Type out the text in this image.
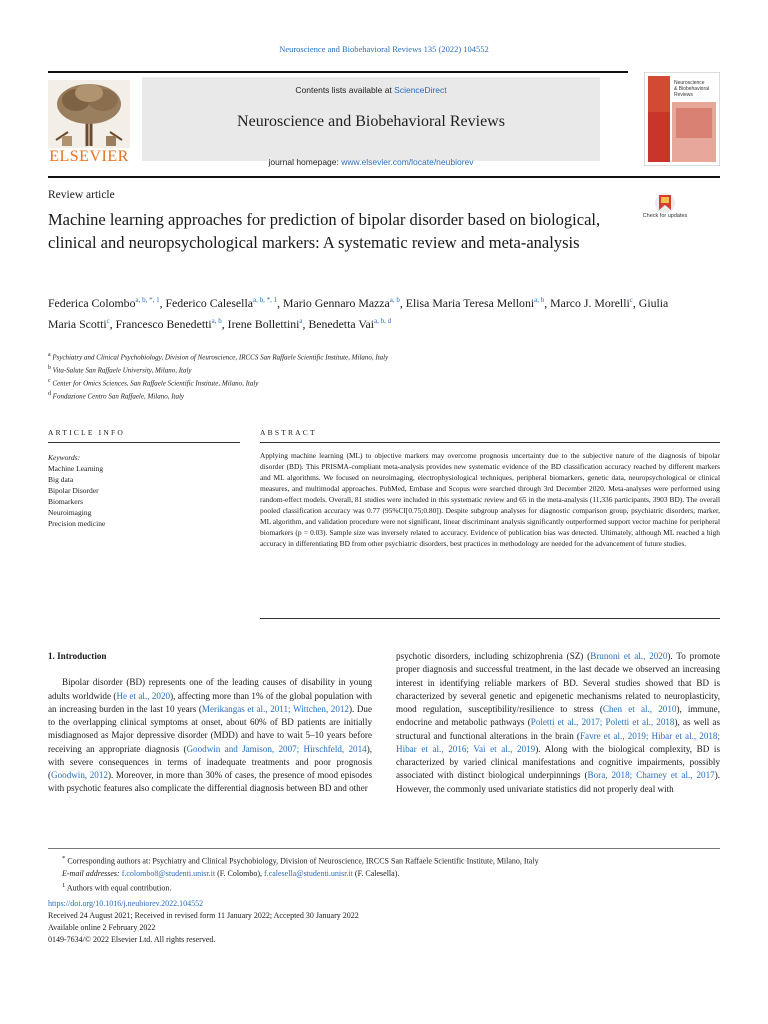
Neuroscience and Biobehavioral Reviews 135 (2022) 104552
ELSEVIER
Contents lists available at ScienceDirect
Neuroscience and Biobehavioral Reviews
journal homepage: www.elsevier.com/locate/neubiorev
Neuroscience
& Biobehavioral
Reviews
Review article
Machine learning approaches for prediction of bipolar disorder based on biological, clinical and neuropsychological markers: A systematic review and meta-analysis
Check for updates
Federica Colombo$^{a, b, *, 1}$, Federico Calesella$^{a, b, *, 1}$, Mario Gennaro Mazza$^{a, b}$, Elisa Maria Teresa Melloni$^{a, b}$, Marco J. Morelli$^c$, Giulia Maria Scotti$^c$, Francesco Benedetti$^{a, b}$, Irene Bollettini$^a$, Benedetta Vai$^{a, b, d}$
$^a$ Psychiatry and Clinical Psychobiology, Division of Neuroscience, IRCCS San Raffaele Scientific Institute, Milano, Italy
$^b$ Vita-Salute San Raffaele University, Milano, Italy
$^c$ Center for Omics Sciences, San Raffaele Scientific Institute, Milano, Italy
$^d$ Fondazione Centro San Raffaele, Milano, Italy
ARTICLE INFO
Keywords:
Machine Learning
Big data
Bipolar Disorder
Biomarkers
Neuroimaging
Precision medicine
ABSTRACT
Applying machine learning (ML) to objective markers may overcome prognosis uncertainty due to the subjective nature of the diagnosis of bipolar disorder (BD). This PRISMA-compliant meta-analysis provides new systematic evidence of the BD classification accuracy reached by different markers and ML algorithms. We focused on neuroimaging, electrophysiological techniques, peripheral biomarkers, genetic data, neuropsychological or clinical measures, and multimodal approaches. PubMed, Embase and Scopus were searched through 3rd December 2020. Meta-analyses were performed using random-effect models. Overall, 81 studies were included in this systematic review and 65 in the meta-analysis (11,336 participants, 3903 BD). The overall pooled classification accuracy was 0.77 (95%CI[0.75;0.80]). Despite subgroup analyses for diagnostic comparison group, psychiatric disorders, marker, ML algorithm, and validation procedure were not significant, linear discriminant analysis significantly outperformed support vector machine for peripheral biomarkers (p = 0.03). Sample size was inversely related to accuracy. Evidence of publication bias was detected. Ultimately, although ML reached a high accuracy in differentiating BD from other psychiatric disorders, best practices in methodology are needed for the advancement of future studies.
1. Introduction

Bipolar disorder (BD) represents one of the leading causes of disability in young adults worldwide (He et al., 2020), affecting more than 1% of the global population with an increasing burden in the last 10 years (Merikangas et al., 2011; Wittchen, 2012). Due to the overlapping clinical symptoms at onset, about 60% of BD patients are initially misdiagnosed as Major depressive disorder (MDD) and have to wait 5–10 years before receiving an appropriate diagnosis (Goodwin and Jamison, 2007; Hirschfeld, 2014), with severe consequences in terms of inadequate treatments and poor prognosis (Goodwin, 2012). Moreover, in more than 30% of cases, the presence of mood episodes with psychotic features also complicate the differential diagnosis between BD and other

psychotic disorders, including schizophrenia (SZ) (Brunoni et al., 2020). To promote proper diagnosis and successful treatment, in the last decade we observed an increasing interest in identifying reliable markers of BD. Several studies showed that BD is characterized by several genetic and epigenetic mechanisms related to neuroplasticity, mood regulation, susceptibility/resilience to stress (Chen et al., 2010), immune, endocrine and metabolic pathways (Poletti et al., 2017; Poletti et al., 2018), as well as structural and functional alterations in the brain (Favre et al., 2019; Hibar et al., 2018; Hibar et al., 2016; Vai et al., 2019). Along with the biological complexity, BD is characterized by varied clinical manifestations and cognitive impairments, possibly associated with distinct biological underpinnings (Bora, 2018; Charney et al., 2017). However, the commonly used univariate statistics did not properly deal with

* Corresponding authors at: Psychiatry and Clinical Psychobiology, Division of Neuroscience, IRCCS San Raffaele Scientific Institute, Milano, Italy
E-mail addresses: f.colombo8@studenti.unisr.it (F. Colombo), f.calesella@studenti.unisr.it (F. Calesella).
$^1$ Authors with equal contribution.
https://doi.org/10.1016/j.neubiorev.2022.104552
Received 24 August 2021; Received in revised form 11 January 2022; Accepted 30 January 2022
Available online 2 February 2022
0149-7634/© 2022 Elsevier Ltd. All rights reserved.
